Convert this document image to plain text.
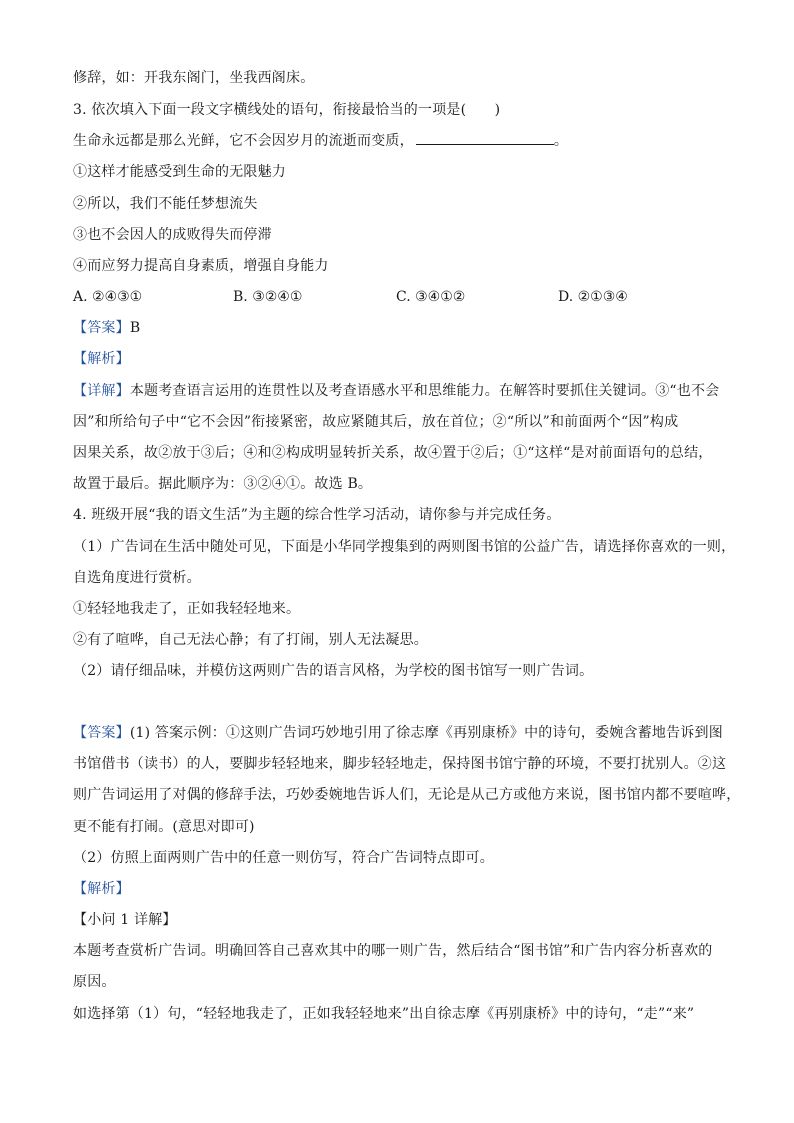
修辞，如：开我东阁门，坐我西阁床。
3. 依次填入下面一段文字横线处的语句，衔接最恰当的一项是(　　)
生命永远都是那么光鲜，它不会因岁月的流逝而变质，	。
①这样才能感受到生命的无限魅力
②所以，我们不能任梦想流失
③也不会因人的成败得失而停滞
④而应努力提高自身素质，增强自身能力
A. ②④③①	B. ③②④①	C. ③④①②	D. ②①③④
【答案】B
【解析】
【详解】本题考查语言运用的连贯性以及考查语感水平和思维能力。在解答时要抓住关键词。③“也不会
因”和所给句子中“它不会因”衔接紧密，故应紧随其后，放在首位；②“所以”和前面两个“因”构成
因果关系，故②放于③后；④和②构成明显转折关系，故④置于②后；①“这样“是对前面语句的总结，
故置于最后。据此顺序为：③②④①。故选 B。
4. 班级开展“我的语文生活”为主题的综合性学习活动，请你参与并完成任务。
（1）广告词在生活中随处可见，下面是小华同学搜集到的两则图书馆的公益广告，请选择你喜欢的一则，
自选角度进行赏析。
①轻轻地我走了，正如我轻轻地来。
②有了喧哗，自己无法心静；有了打闹，别人无法凝思。
（2）请仔细品味，并模仿这两则广告的语言风格，为学校的图书馆写一则广告词。
【答案】(1) 答案示例：①这则广告词巧妙地引用了徐志摩《再别康桥》中的诗句，委婉含蓄地告诉到图
书馆借书（读书）的人，要脚步轻轻地来，脚步轻轻地走，保持图书馆宁静的环境，不要打扰别人。②这
则广告词运用了对偶的修辞手法，巧妙委婉地告诉人们，无论是从己方或他方来说，图书馆内都不要喧哗，
更不能有打闹。(意思对即可)
（2）仿照上面两则广告中的任意一则仿写，符合广告词特点即可。
【解析】
【小问 1 详解】
本题考查赏析广告词。明确回答自己喜欢其中的哪一则广告，然后结合“图书馆”和广告内容分析喜欢的
原因。
如选择第（1）句，“轻轻地我走了，正如我轻轻地来”出自徐志摩《再别康桥》中的诗句，“走”“来”
